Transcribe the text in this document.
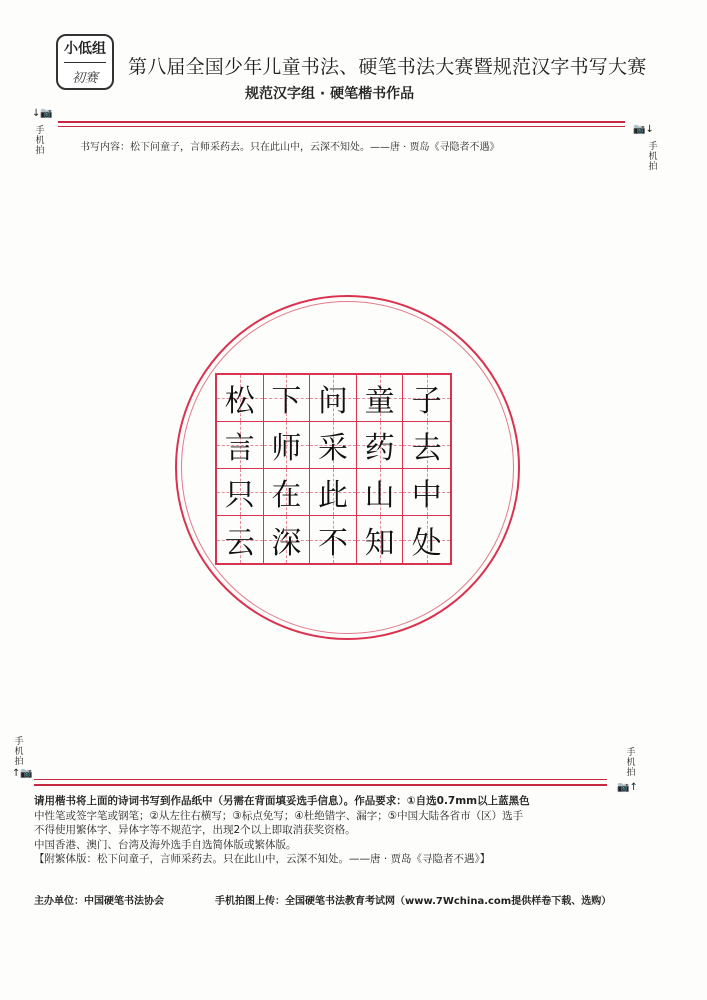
小低组
初赛
第八届全国少年儿童书法、硬笔书法大赛暨规范汉字书写大赛
规范汉字组 · 硬笔楷书作品
↓📷
手
机
拍
📷↓
手
机
拍
书写内容：松下问童子，言师采药去。只在此山中，云深不知处。——唐 · 贾岛《寻隐者不遇》
松 下 问 童 子
言 师 采 药 去
只 在 此 山 中
云 深 不 知 处
手
机
拍
↑📷
手
机
拍
📷↑

请用楷书将上面的诗词书写到作品纸中（另需在背面填妥选手信息）。作品要求：①自选0.7mm以上蓝黑色

中性笔或签字笔或钢笔；②从左往右横写；③标点免写；④杜绝错字、漏字；⑤中国大陆各省市（区）选手

不得使用繁体字、异体字等不规范字，出现2个以上即取消获奖资格。

中国香港、澳门、台湾及海外选手自选简体版或繁体版。

【附繁体版：松下问童子，言师采药去。只在此山中，云深不知处。——唐 · 贾岛《寻隐者不遇》】

主办单位：中国硬笔书法协会	手机拍图上传：全国硬笔书法教育考试网（www.7Wchina.com提供样卷下载、选购）
